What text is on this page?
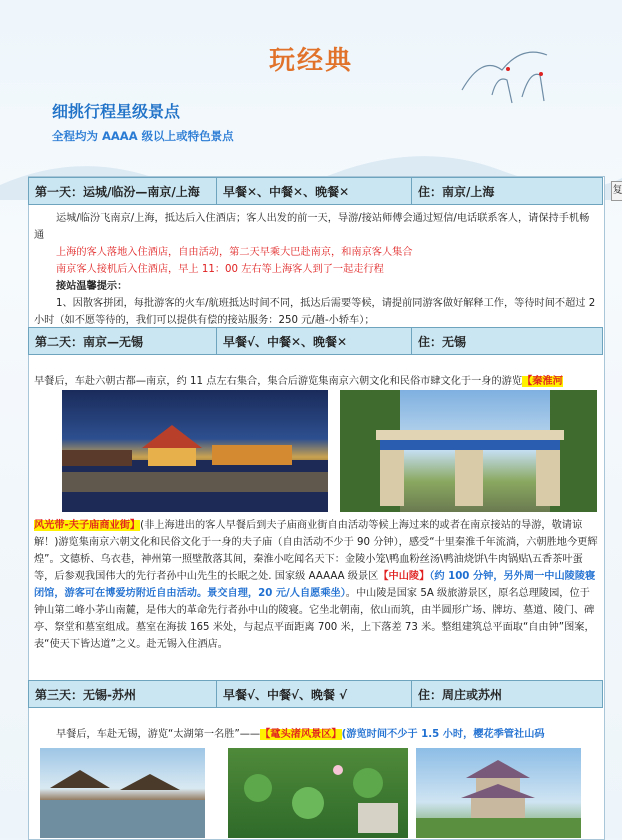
玩经典
细挑行程星级景点
全程均为 AAAA 级以上或特色景点
复
第一天：运城/临汾—南京/上海	早餐✕、中餐✕、晚餐✕	住：南京/上海
运城/临汾飞南京/上海，抵达后入住酒店；客人出发的前一天，导游/接站师傅会通过短信/电话联系客人，请保持手机畅通
上海的客人落地入住酒店，自由活动，第二天早乘大巴赴南京，和南京客人集合
南京客人接机后入住酒店，早上 11：00 左右等上海客人到了一起走行程
接站温馨提示：
1、因散客拼团，每批游客的火车/航班抵达时间不同，抵达后需要等候，请提前同游客做好解释工作，等待时间不超过 2 小时（如不愿等待的，我们可以提供有偿的接站服务：250 元/趟-小轿车）；
第二天：南京—无锡	早餐√、中餐✕、晚餐✕	住：无锡
早餐后，车赴六朝古都—南京，约 11 点左右集合，集合后游览集南京六朝文化和民俗市肆文化于一身的游览【秦淮河
风光带-夫子庙商业街】(非上海进出的客人早餐后到夫子庙商业街自由活动等候上海过来的或者在南京接站的导游，敬请谅解！)游览集南京六朝文化和民俗文化于一身的夫子庙（自由活动不少于 90 分钟），感受“十里秦淮千年流淌，六朝胜地今更辉煌”。文德桥、乌衣巷，神州第一照壁散落其间，秦淮小吃闻名天下：金陵小笼\鸭血粉丝汤\鸭油烧饼\牛肉锅贴\五香茶叶蛋等，后参观我国伟大的先行者孙中山先生的长眠之处. 国家级 AAAAA 级景区【中山陵】（约 100 分钟，另外周一中山陵陵寝闭馆，游客可在博爱坊附近自由活动。景交自理，20 元/人自愿乘坐）。中山陵是国家 5A 级旅游景区，原名总理陵园，位于钟山第二峰小茅山南麓，是伟大的革命先行者孙中山的陵寝。它坐北朝南，依山而筑，由半圆形广场、牌坊、墓道、陵门、碑亭、祭堂和墓室组成。墓室在海拔 165 米处，与起点平面距离 700 米，上下落差 73 米。整组建筑总平面取“自由钟”图案，表“使天下皆达道”之义。赴无锡入住酒店。
第三天：无锡-苏州	早餐√、中餐√、晚餐 √	住：周庄或苏州
早餐后，车赴无锡，游览“太湖第一名胜”——【鼋头渚风景区】(游览时间不少于 1.5 小时，樱花季管社山码
